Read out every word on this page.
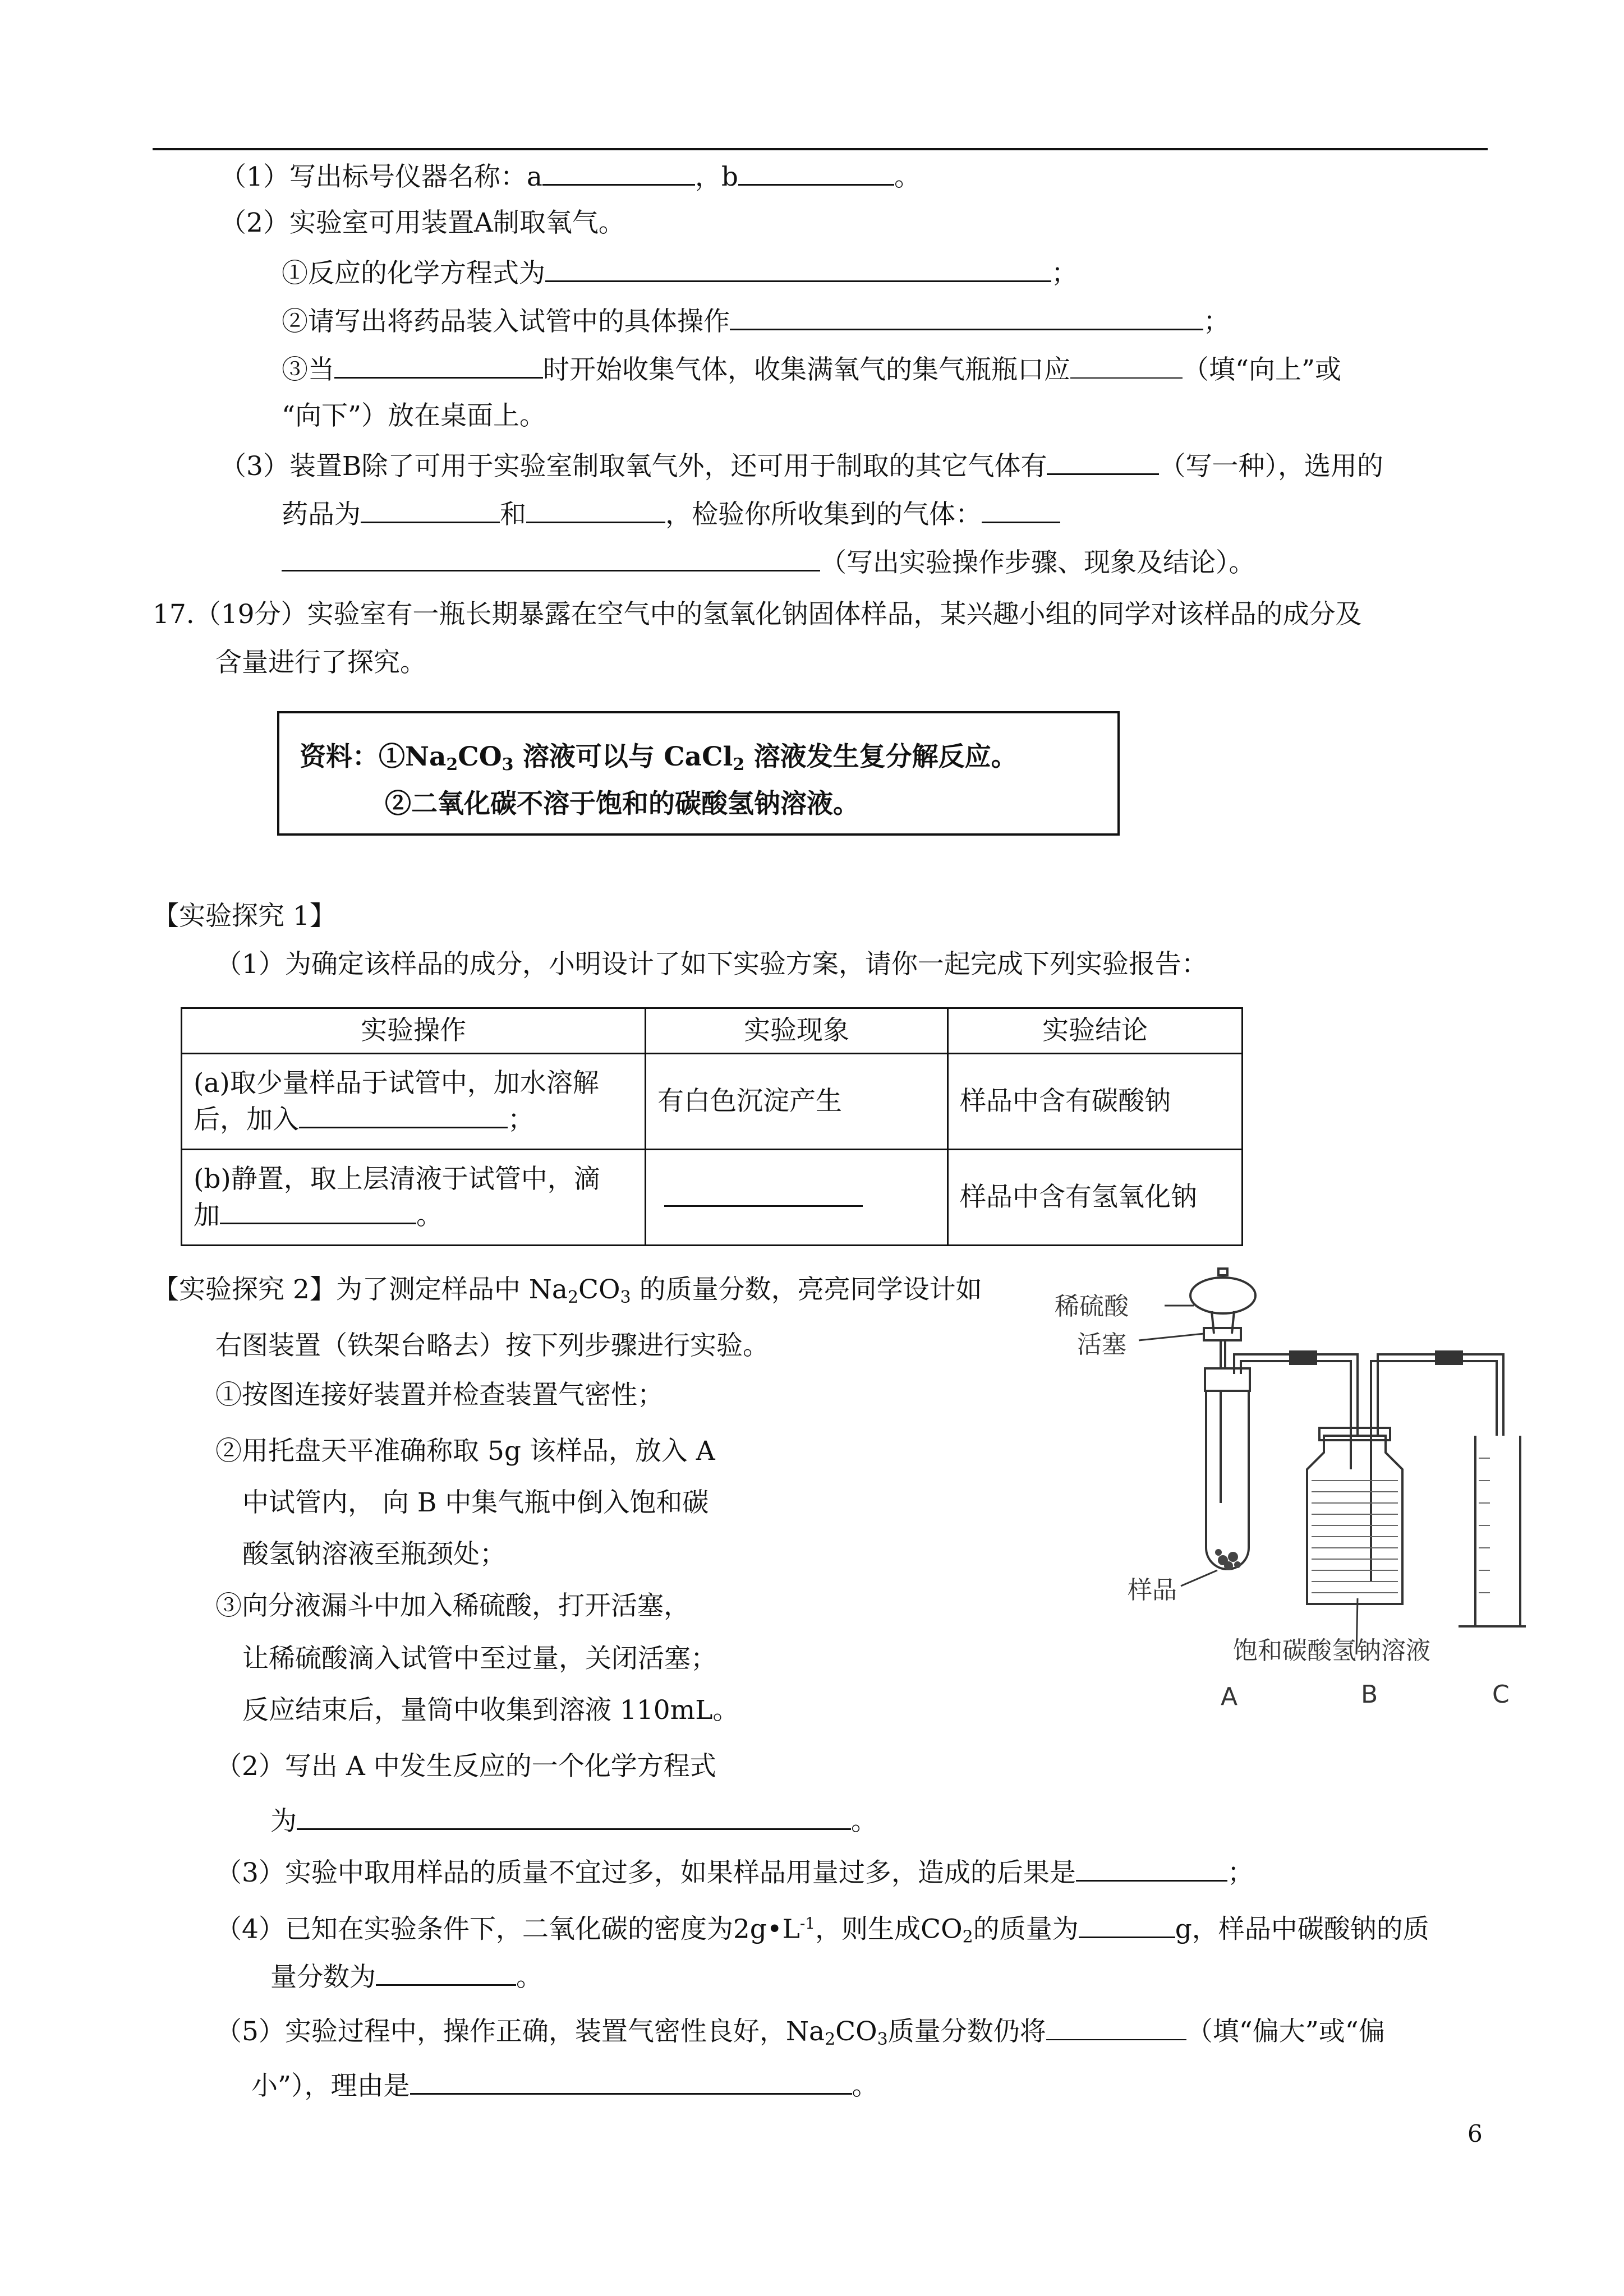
（1）写出标号仪器名称：a	，b	。
（2）实验室可用装置A制取氧气。
①反应的化学方程式为	；
②请写出将药品装入试管中的具体操作	；
③当	时开始收集气体，收集满氧气的集气瓶瓶口应	（填“向上”或
“向下”）放在桌面上。
（3）装置B除了可用于实验室制取氧气外，还可用于制取的其它气体有	（写一种），选用的
药品为	和	，检验你所收集到的气体：
（写出实验操作步骤、现象及结论）。
17.（19分）实验室有一瓶长期暴露在空气中的氢氧化钠固体样品，某兴趣小组的同学对该样品的成分及
含量进行了探究。
资料：$①Na_2CO_3$ 溶液可以与 CaCl$_2$ 溶液发生复分解反应。
②二氧化碳不溶于饱和的碳酸氢钠溶液。
【实验探究 1】
（1）为确定该样品的成分，小明设计了如下实验方案，请你一起完成下列实验报告：
实验操作	实验现象	实验结论

(a)取少量样品于试管中，加水溶解
后，加入 ；	有白色沉淀产生	样品中含有碳酸钠

(b)静置，取上层清液于试管中，滴
加 。		样品中含有氢氧化钠
【实验探究 2】为了测定样品中 $Na_2CO_3$ 的质量分数，亮亮同学设计如
右图装置（铁架台略去）按下列步骤进行实验。
①按图连接好装置并检查装置气密性；
②用托盘天平准确称取 5g 该样品，放入 A
中试管内， 向 B 中集气瓶中倒入饱和碳
酸氢钠溶液至瓶颈处；
③向分液漏斗中加入稀硫酸，打开活塞，
让稀硫酸滴入试管中至过量，关闭活塞；
反应结束后，量筒中收集到溶液 110mL。
稀硫酸
活塞
样品
饱和碳酸氢钠溶液
A	B	C
（2）写出 A 中发生反应的一个化学方程式
为	。
（3）实验中取用样品的质量不宜过多，如果样品用量过多，造成的后果是	；
（4）已知在实验条件下，二氧化碳的密度为$2g•L^{-1}$，则生成$CO_2$的质量为	g，样品中碳酸钠的质
量分数为	。
（5）实验过程中，操作正确，装置气密性良好，$Na_2CO_3$质量分数仍将	（填“偏大”或“偏
小”），理由是	。
6
